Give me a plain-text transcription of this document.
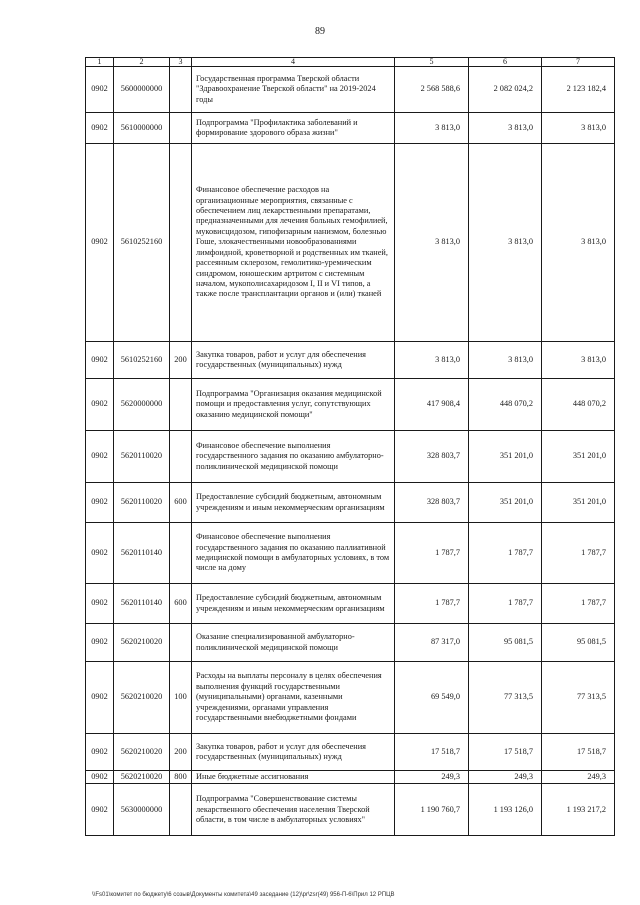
89
1	2	3	4	5	6	7
0902	5600000000		Государственная программа Тверской области "Здравоохранение Тверской области" на 2019-2024 годы	2 568 588,6	2 082 024,2	2 123 182,4
0902	5610000000		Подпрограмма "Профилактика заболеваний и формирование здорового образа жизни"	3 813,0	3 813,0	3 813,0
0902	5610252160		Финансовое обеспечение расходов на организационные мероприятия, связанные с обеспечением лиц лекарственными препаратами, предназначенными для лечения больных гемофилией, муковисцидозом, гипофизарным нанизмом, болезнью Гоше, злокачественными новообразованиями лимфоидной, кроветворной и родственных им тканей, рассеянным склерозом, гемолитико-уремическим синдромом, юношеским артритом с системным началом, мукополисахаридозом I, II и VI типов, а также после трансплантации органов и (или) тканей	3 813,0	3 813,0	3 813,0
0902	5610252160	200	Закупка товаров, работ и услуг для обеспечения государственных (муниципальных) нужд	3 813,0	3 813,0	3 813,0
0902	5620000000		Подпрограмма "Организация оказания медицинской помощи и предоставления услуг, сопутствующих оказанию медицинской помощи"	417 908,4	448 070,2	448 070,2
0902	5620110020		Финансовое обеспечение выполнения государственного задания по оказанию амбулаторно-поликлинической медицинской помощи	328 803,7	351 201,0	351 201,0
0902	5620110020	600	Предоставление субсидий бюджетным, автономным учреждениям и иным некоммерческим организациям	328 803,7	351 201,0	351 201,0
0902	5620110140		Финансовое обеспечение выполнения государственного задания по оказанию паллиативной медицинской помощи в амбулаторных условиях, в том числе на дому	1 787,7	1 787,7	1 787,7
0902	5620110140	600	Предоставление субсидий бюджетным, автономным учреждениям и иным некоммерческим организациям	1 787,7	1 787,7	1 787,7
0902	5620210020		Оказание специализированной амбулаторно-поликлинической медицинской помощи	87 317,0	95 081,5	95 081,5
0902	5620210020	100	Расходы на выплаты персоналу в целях обеспечения выполнения функций государственными (муниципальными) органами, казенными учреждениями, органами управления государственными внебюджетными фондами	69 549,0	77 313,5	77 313,5
0902	5620210020	200	Закупка товаров, работ и услуг для обеспечения государственных (муниципальных) нужд	17 518,7	17 518,7	17 518,7
0902	5620210020	800	Иные бюджетные ассигнования	249,3	249,3	249,3
0902	5630000000		Подпрограмма "Совершенствование системы лекарственного обеспечения населения Тверской области, в том числе в амбулаторных условиях"	1 190 760,7	1 193 126,0	1 193 217,2
\\Fs01\комитет по бюджету\6 созыв\Документы комитета\49 заседание (12)\pr\zsr(49) 956-П-6\Прил 12 РПЦВ
